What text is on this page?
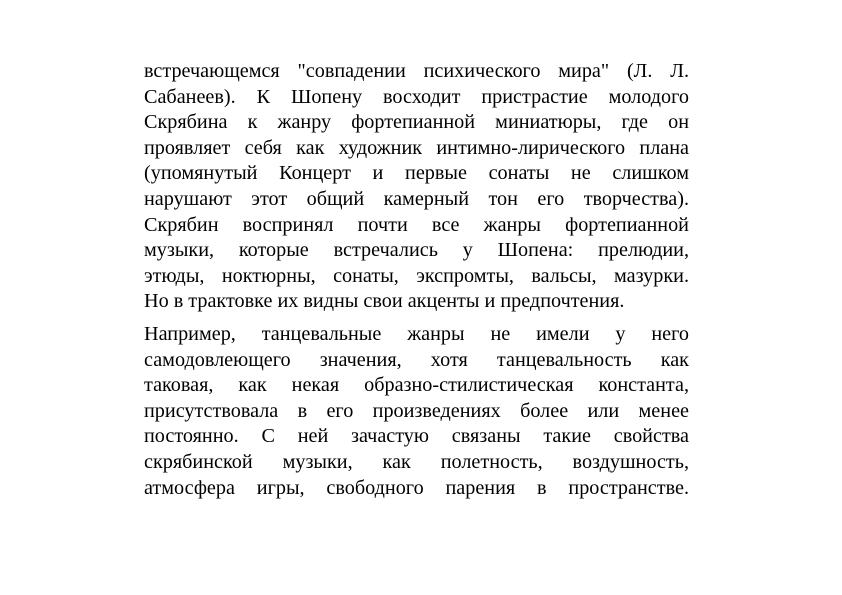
встречающемся "совпадении психического мира" (Л. Л.
Сабанеев). К Шопену восходит пристрастие молодого
Скрябина к жанру фортепианной миниатюры, где он
проявляет себя как художник интимно-лирического плана
(упомянутый Концерт и первые сонаты не слишком
нарушают этот общий камерный тон его творчества).
Скрябин воспринял почти все жанры фортепианной
музыки, которые встречались у Шопена: прелюдии,
этюды, ноктюрны, сонаты, экспромты, вальсы, мазурки.
Но в трактовке их видны свои акценты и предпочтения.
Например, танцевальные жанры не имели у него
самодовлеющего значения, хотя танцевальность как
таковая, как некая образно-стилистическая константа,
присутствовала в его произведениях более или менее
постоянно. С ней зачастую связаны такие свойства
скрябинской музыки, как полетность, воздушность,
атмосфера игры, свободного парения в пространстве.
